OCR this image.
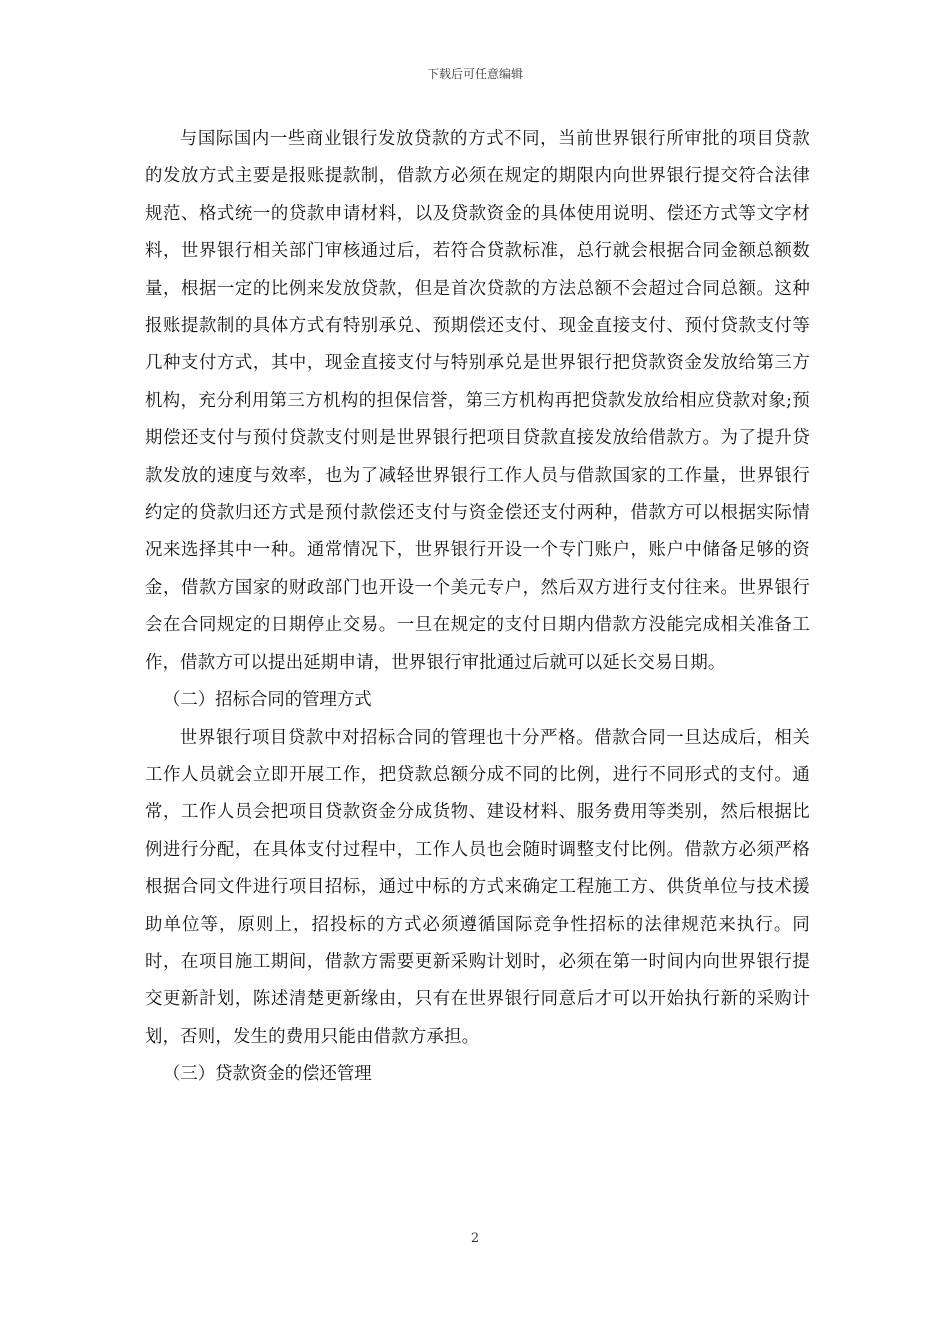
下载后可任意编辑

与国际国内一些商业银行发放贷款的方式不同，当前世界银行所审批的项目贷款的发放方式主要是报账提款制，借款方必须在规定的期限内向世界银行提交符合法律规范、格式统一的贷款申请材料，以及贷款资金的具体使用说明、偿还方式等文字材料，世界银行相关部门审核通过后，若符合贷款标准，总行就会根据合同金额总额数量，根据一定的比例来发放贷款，但是首次贷款的方法总额不会超过合同总额。这种报账提款制的具体方式有特别承兑、预期偿还支付、现金直接支付、预付贷款支付等几种支付方式，其中，现金直接支付与特别承兑是世界银行把贷款资金发放给第三方机构，充分利用第三方机构的担保信誉，第三方机构再把贷款发放给相应贷款对象;预期偿还支付与预付贷款支付则是世界银行把项目贷款直接发放给借款方。为了提升贷款发放的速度与效率，也为了减轻世界银行工作人员与借款国家的工作量，世界银行约定的贷款归还方式是预付款偿还支付与资金偿还支付两种，借款方可以根据实际情况来选择其中一种。通常情况下，世界银行开设一个专门账户，账户中储备足够的资金，借款方国家的财政部门也开设一个美元专户，然后双方进行支付往来。世界银行会在合同规定的日期停止交易。一旦在规定的支付日期内借款方没能完成相关准备工作，借款方可以提出延期申请，世界银行审批通过后就可以延长交易日期。

（二）招标合同的管理方式

世界银行项目贷款中对招标合同的管理也十分严格。借款合同一旦达成后，相关工作人员就会立即开展工作，把贷款总额分成不同的比例，进行不同形式的支付。通常，工作人员会把项目贷款资金分成货物、建设材料、服务费用等类别，然后根据比例进行分配，在具体支付过程中，工作人员也会随时调整支付比例。借款方必须严格根据合同文件进行项目招标，通过中标的方式来确定工程施工方、供货单位与技术援助单位等，原则上，招投标的方式必须遵循国际竞争性招标的法律规范来执行。同时，在项目施工期间，借款方需要更新采购计划时，必须在第一时间内向世界银行提交更新計划，陈述清楚更新缘由，只有在世界银行同意后才可以开始执行新的采购计划，否则，发生的费用只能由借款方承担。

（三）贷款资金的偿还管理

2
